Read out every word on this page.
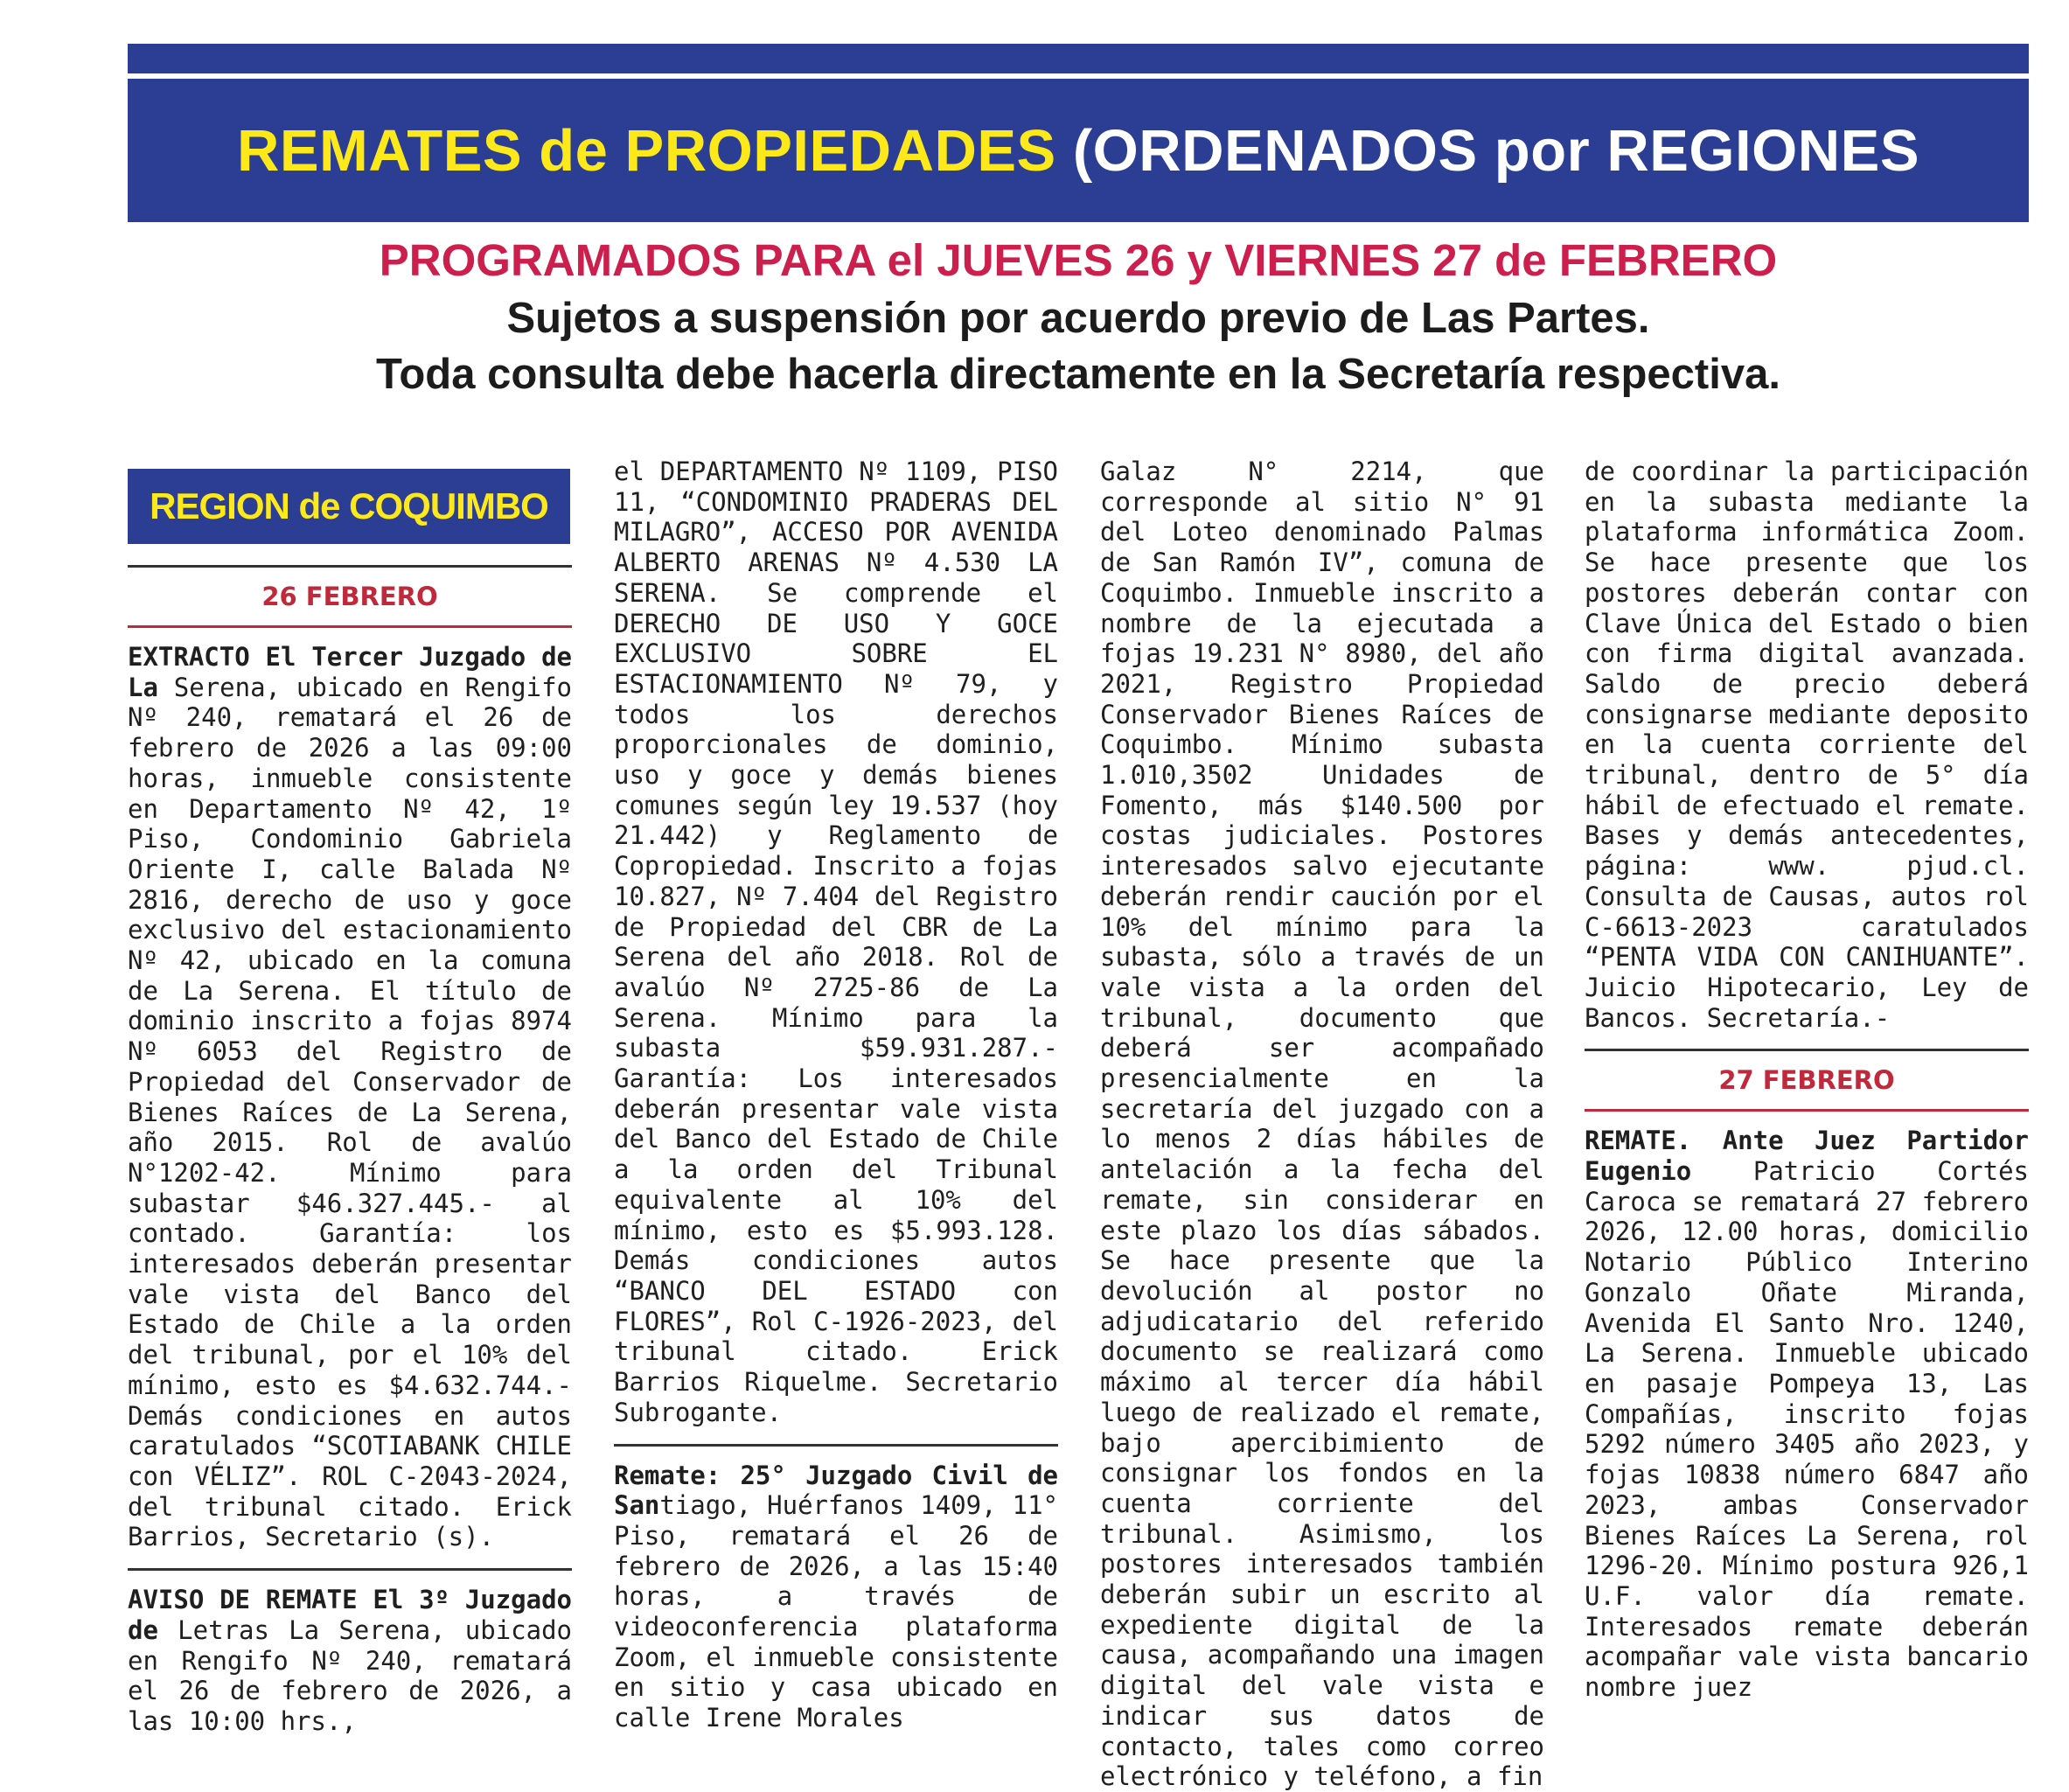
REMATES de PROPIEDADES (ORDENADOS por REGIONES
PROGRAMADOS PARA el JUEVES 26 y VIERNES 27 de FEBRERO
Sujetos a suspensión por acuerdo previo de Las Partes.
Toda consulta debe hacerla directamente en la Secretaría respectiva.
REGION de COQUIMBO
26 FEBRERO

EXTRACTO El Tercer Juzgado de La Serena, ubicado en Rengifo Nº 240, rematará el 26 de febrero de 2026 a las 09:00 horas, inmueble consistente en Departamento Nº 42, 1º Piso, Condominio Gabriela Oriente I, calle Balada Nº 2816, derecho de uso y goce exclusivo del estacionamiento Nº 42, ubicado en la comuna de La Serena. El título de dominio inscrito a fojas 8974 Nº 6053 del Registro de Propiedad del Conservador de Bienes Raíces de La Serena, año 2015. Rol de avalúo N°1202-42. Mínimo para subastar $46.327.445.- al contado. Garantía: los interesados deberán presentar vale vista del Banco del Estado de Chile a la orden del tribunal, por el 10% del mínimo, esto es $4.632.744.- Demás condiciones en autos caratulados “SCOTIABANK CHILE con VÉLIZ”. ROL C-2043-2024, del tribunal citado. Erick Barrios, Secretario (s).

AVISO DE REMATE El 3º Juzgado de Letras La Serena, ubicado en Rengifo Nº 240, rematará el 26 de febrero de 2026, a las 10:00 hrs.,

el DEPARTAMENTO Nº 1109, PISO 11, “CONDOMINIO PRADERAS DEL MILAGRO”, ACCESO POR AVENIDA ALBERTO ARENAS Nº 4.530 LA SERENA. Se comprende el DERECHO DE USO Y GOCE EXCLUSIVO SOBRE EL ESTACIONAMIENTO Nº 79, y todos los derechos proporcionales de dominio, uso y goce y demás bienes comunes según ley 19.537 (hoy 21.442) y Reglamento de Copropiedad. Inscrito a fojas 10.827, Nº 7.404 del Registro de Propiedad del CBR de La Serena del año 2018. Rol de avalúo Nº 2725-86 de La Serena. Mínimo para la subasta $59.931.287.- Garantía: Los interesados deberán presentar vale vista del Banco del Estado de Chile a la orden del Tribunal equivalente al 10% del mínimo, esto es $5.993.128. Demás condiciones autos “BANCO DEL ESTADO con FLORES”, Rol C-1926-2023, del tribunal citado. Erick Barrios Riquelme. Secretario Subrogante.

Remate: 25° Juzgado Civil de Santiago, Huérfanos 1409, 11° Piso, rematará el 26 de febrero de 2026, a las 15:40 horas, a través de videoconferencia plataforma Zoom, el inmueble consistente en sitio y casa ubicado en calle Irene Morales

Galaz N° 2214, que corresponde al sitio N° 91 del Loteo denominado Palmas de San Ramón IV”, comuna de Coquimbo. Inmueble inscrito a nombre de la ejecutada a fojas 19.231 N° 8980, del año 2021, Registro Propiedad Conservador Bienes Raíces de Coquimbo. Mínimo subasta 1.010,3502 Unidades de Fomento, más $140.500 por costas judiciales. Postores interesados salvo ejecutante deberán rendir caución por el 10% del mínimo para la subasta, sólo a través de un vale vista a la orden del tribunal, documento que deberá ser acompañado presencialmente en la secretaría del juzgado con a lo menos 2 días hábiles de antelación a la fecha del remate, sin considerar en este plazo los días sábados. Se hace presente que la devolución al postor no adjudicatario del referido documento se realizará como máximo al tercer día hábil luego de realizado el remate, bajo apercibimiento de consignar los fondos en la cuenta corriente del tribunal. Asimismo, los postores interesados también deberán subir un escrito al expediente digital de la causa, acompañando una imagen digital del vale vista e indicar sus datos de contacto, tales como correo electrónico y teléfono, a fin

de coordinar la participación en la subasta mediante la plataforma informática Zoom. Se hace presente que los postores deberán contar con Clave Única del Estado o bien con firma digital avanzada. Saldo de precio deberá consignarse mediante deposito en la cuenta corriente del tribunal, dentro de 5° día hábil de efectuado el remate. Bases y demás antecedentes, página: www. pjud.cl. Consulta de Causas, autos rol C-6613-2023 caratulados “PENTA VIDA CON CANIHUANTE”. Juicio Hipotecario, Ley de Bancos. Secretaría.-

27 FEBRERO

REMATE. Ante Juez Partidor Eugenio Patricio Cortés Caroca se rematará 27 febrero 2026, 12.00 horas, domicilio Notario Público Interino Gonzalo Oñate Miranda, Avenida El Santo Nro. 1240, La Serena. Inmueble ubicado en pasaje Pompeya 13, Las Compañías, inscrito fojas 5292 número 3405 año 2023, y fojas 10838 número 6847 año 2023, ambas Conservador Bienes Raíces La Serena, rol 1296-20. Mínimo postura 926,1 U.F. valor día remate. Interesados remate deberán acompañar vale vista bancario nombre juez
